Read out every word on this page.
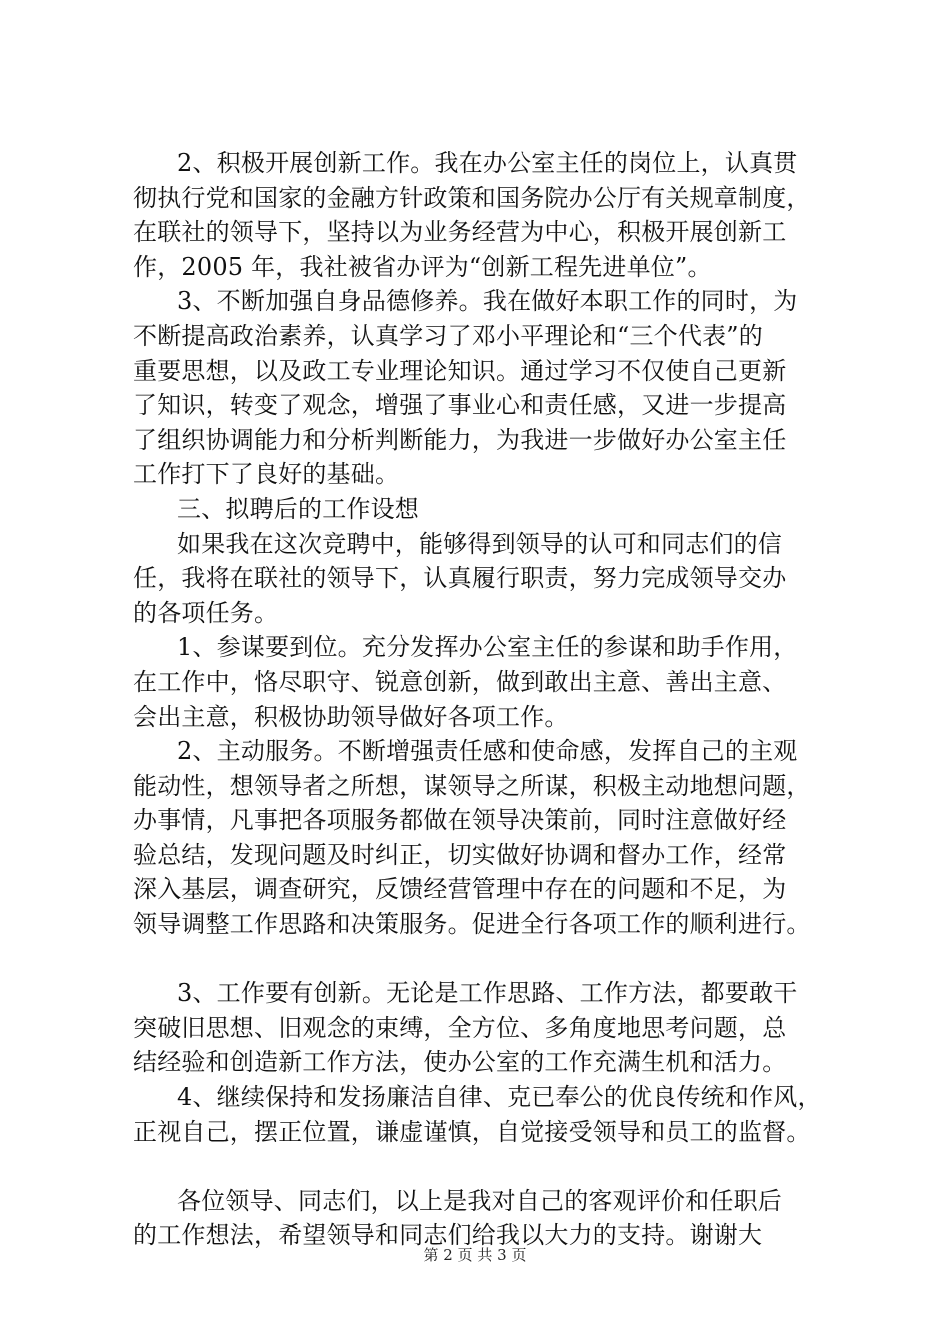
2、积极开展创新工作。我在办公室主任的岗位上，认真贯
彻执行党和国家的金融方针政策和国务院办公厅有关规章制度，
在联社的领导下，坚持以为业务经营为中心，积极开展创新工
作，2005 年，我社被省办评为“创新工程先进单位”。
3、不断加强自身品德修养。我在做好本职工作的同时，为
不断提高政治素养，认真学习了邓小平理论和“三个代表”的
重要思想，以及政工专业理论知识。通过学习不仅使自己更新
了知识，转变了观念，增强了事业心和责任感，又进一步提高
了组织协调能力和分析判断能力，为我进一步做好办公室主任
工作打下了良好的基础。
三、拟聘后的工作设想
如果我在这次竞聘中，能够得到领导的认可和同志们的信
任，我将在联社的领导下，认真履行职责，努力完成领导交办
的各项任务。
1、参谋要到位。充分发挥办公室主任的参谋和助手作用，
在工作中，恪尽职守、锐意创新，做到敢出主意、善出主意、
会出主意，积极协助领导做好各项工作。
2、主动服务。不断增强责任感和使命感，发挥自己的主观
能动性，想领导者之所想，谋领导之所谋，积极主动地想问题，
办事情，凡事把各项服务都做在领导决策前，同时注意做好经
验总结，发现问题及时纠正，切实做好协调和督办工作，经常
深入基层，调查研究，反馈经营管理中存在的问题和不足，为
领导调整工作思路和决策服务。促进全行各项工作的顺利进行。
3、工作要有创新。无论是工作思路、工作方法，都要敢干
突破旧思想、旧观念的束缚，全方位、多角度地思考问题，总
结经验和创造新工作方法，使办公室的工作充满生机和活力。
4、继续保持和发扬廉洁自律、克已奉公的优良传统和作风，
正视自己，摆正位置，谦虚谨慎，自觉接受领导和员工的监督。
各位领导、同志们，以上是我对自己的客观评价和任职后
的工作想法，希望领导和同志们给我以大力的支持。谢谢大
第 2 页 共 3 页
